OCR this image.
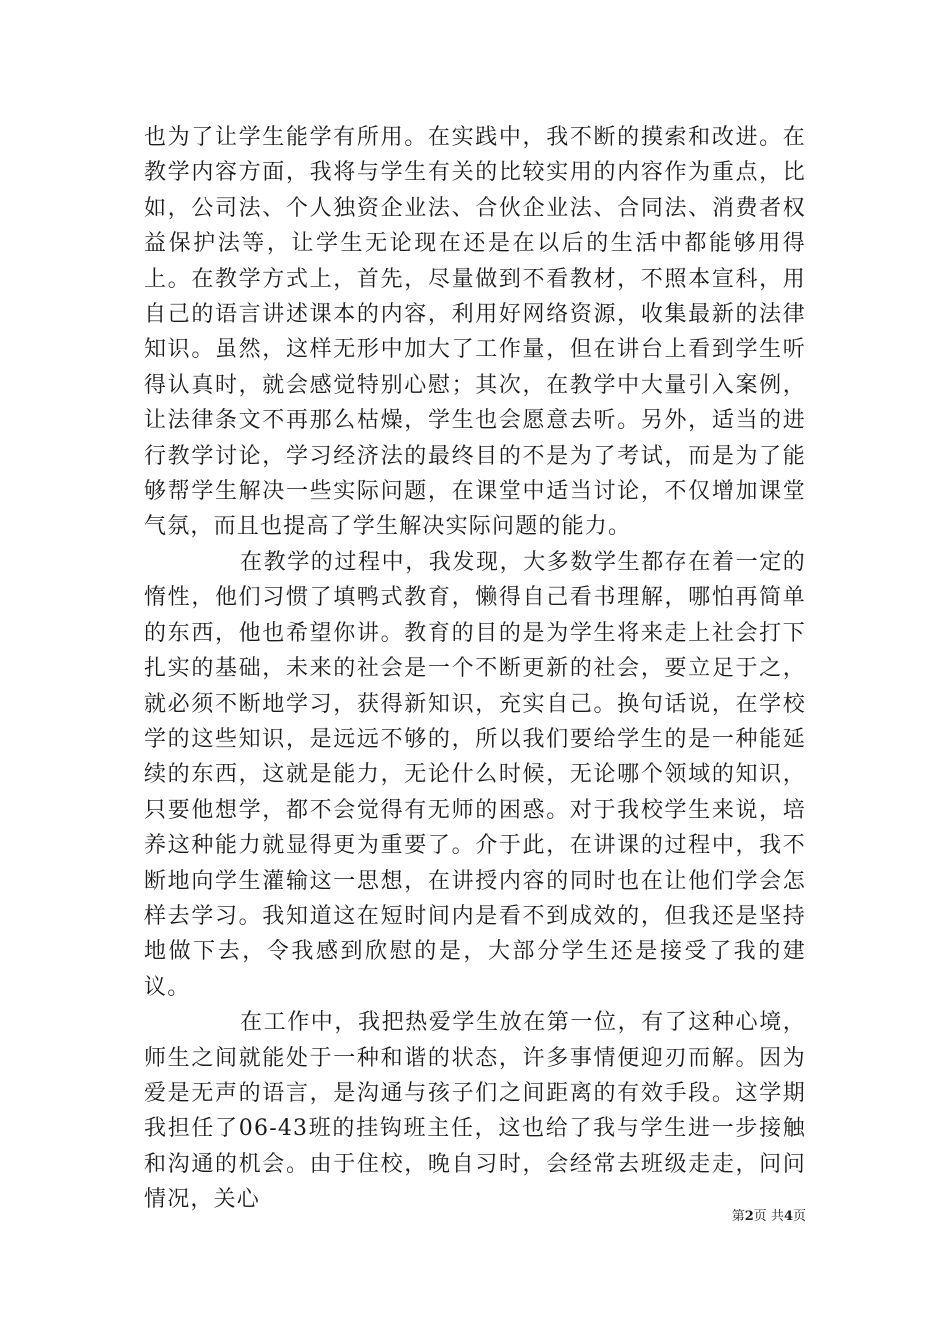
也为了让学生能学有所用。在实践中，我不断的摸索和改进。在教学内容方面，我将与学生有关的比较实用的内容作为重点，比如，公司法、个人独资企业法、合伙企业法、合同法、消费者权益保护法等，让学生无论现在还是在以后的生活中都能够用得上。在教学方式上，首先，尽量做到不看教材，不照本宣科，用自己的语言讲述课本的内容，利用好网络资源，收集最新的法律知识。虽然，这样无形中加大了工作量，但在讲台上看到学生听得认真时，就会感觉特别心慰；其次，在教学中大量引入案例，让法律条文不再那么枯燥，学生也会愿意去听。另外，适当的进行教学讨论，学习经济法的最终目的不是为了考试，而是为了能够帮学生解决一些实际问题，在课堂中适当讨论，不仅增加课堂气氛，而且也提高了学生解决实际问题的能力。

在教学的过程中，我发现，大多数学生都存在着一定的惰性，他们习惯了填鸭式教育，懒得自己看书理解，哪怕再简单的东西，他也希望你讲。教育的目的是为学生将来走上社会打下扎实的基础，未来的社会是一个不断更新的社会，要立足于之，就必须不断地学习，获得新知识，充实自己。换句话说，在学校学的这些知识，是远远不够的，所以我们要给学生的是一种能延续的东西，这就是能力，无论什么时候，无论哪个领域的知识，只要他想学，都不会觉得有无师的困惑。对于我校学生来说，培养这种能力就显得更为重要了。介于此，在讲课的过程中，我不断地向学生灌输这一思想，在讲授内容的同时也在让他们学会怎样去学习。我知道这在短时间内是看不到成效的，但我还是坚持地做下去，令我感到欣慰的是，大部分学生还是接受了我的建议。

在工作中，我把热爱学生放在第一位，有了这种心境，师生之间就能处于一种和谐的状态，许多事情便迎刃而解。因为爱是无声的语言，是沟通与孩子们之间距离的有效手段。这学期我担任了06-43班的挂钩班主任，这也给了我与学生进一步接触和沟通的机会。由于住校，晚自习时，会经常去班级走走，问问情况，关心

第2页 共4页
